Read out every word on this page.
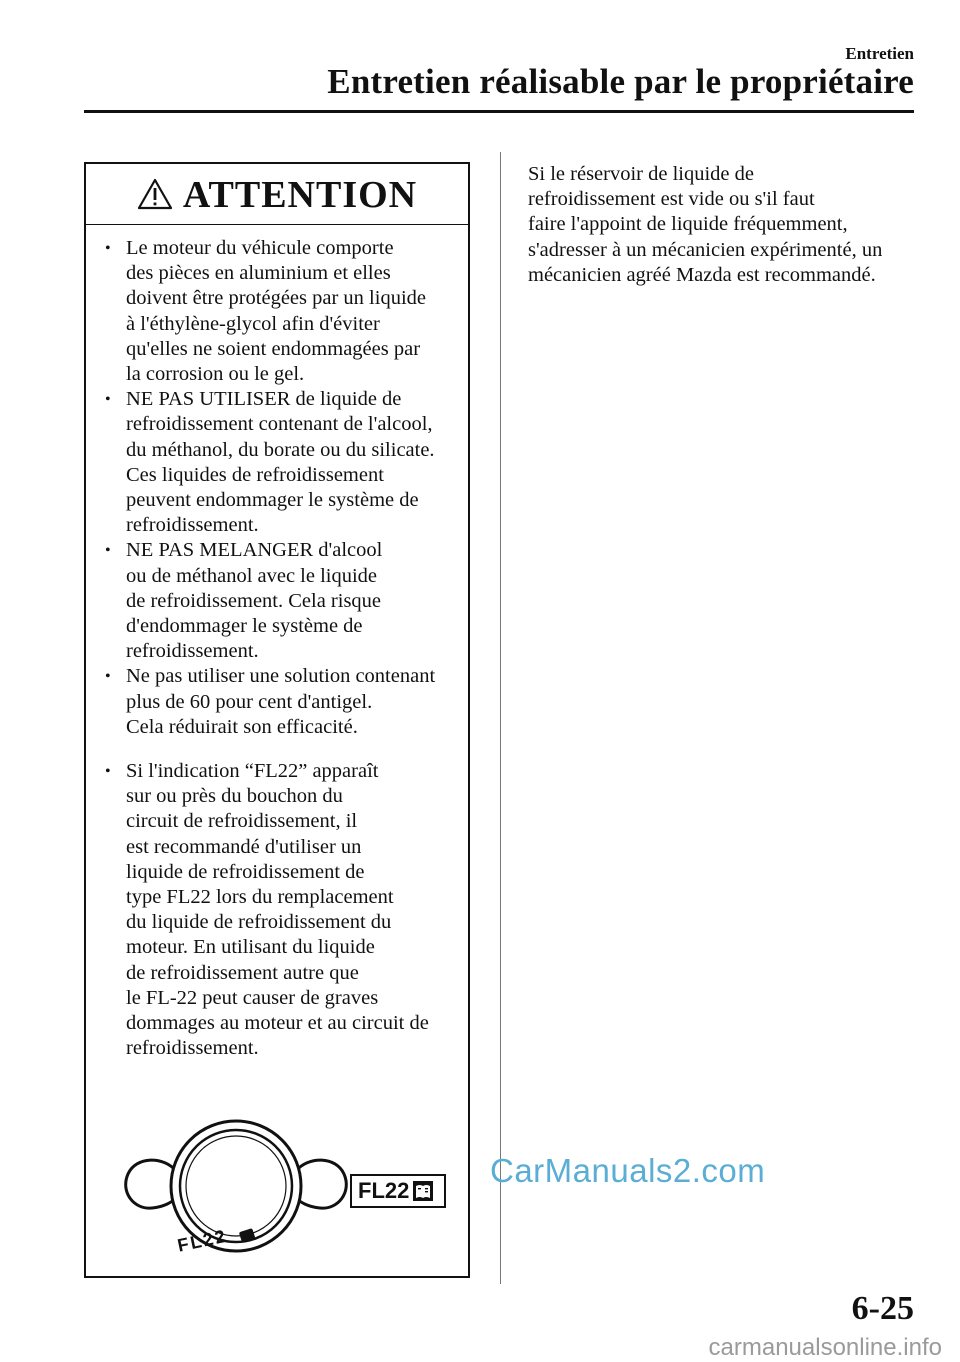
Entretien
Entretien réalisable par le propriétaire
ATTENTION
• Le moteur du véhicule comporte
des pièces en aluminium et elles
doivent être protégées par un liquide
à l'éthylène-glycol afin d'éviter
qu'elles ne soient endommagées par
la corrosion ou le gel.
• NE PAS UTILISER de liquide de
refroidissement contenant de l'alcool,
du méthanol, du borate ou du silicate.
Ces liquides de refroidissement
peuvent endommager le système de
refroidissement.
• NE PAS MELANGER d'alcool
ou de méthanol avec le liquide
de refroidissement. Cela risque
d'endommager le système de
refroidissement.
• Ne pas utiliser une solution contenant
plus de 60 pour cent d'antigel.
Cela réduirait son efficacité.
• Si l'indication “FL22” apparaît
sur ou près du bouchon du
circuit de refroidissement, il
est recommandé d'utiliser un
liquide de refroidissement de
type FL22 lors du remplacement
du liquide de refroidissement du
moteur. En utilisant du liquide
de refroidissement autre que
le FL-22 peut causer de graves
dommages au moteur et au circuit de
refroidissement.
FL22
FL22
Si le réservoir de liquide de
refroidissement est vide ou s'il faut
faire l'appoint de liquide fréquemment,
s'adresser à un mécanicien expérimenté, un
mécanicien agréé Mazda est recommandé.
CarManuals2.com
6-25
carmanualsonline.info
